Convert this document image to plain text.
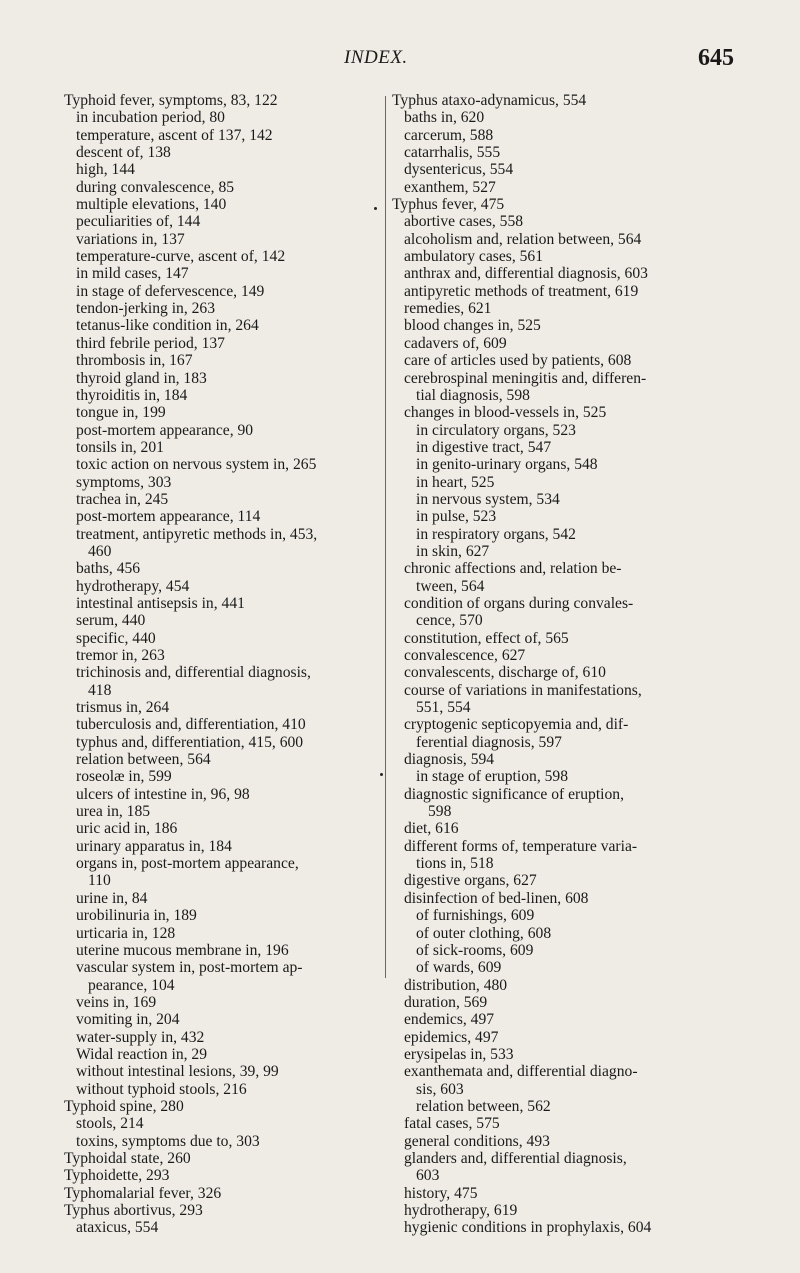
INDEX.	645
Typhoid fever, symptoms, 83, 122
in incubation period, 80
temperature, ascent of 137, 142
descent of, 138
high, 144
during convalescence, 85
multiple elevations, 140
peculiarities of, 144
variations in, 137
temperature-curve, ascent of, 142
in mild cases, 147
in stage of defervescence, 149
tendon-jerking in, 263
tetanus-like condition in, 264
third febrile period, 137
thrombosis in, 167
thyroid gland in, 183
thyroiditis in, 184
tongue in, 199
post-mortem appearance, 90
tonsils in, 201
toxic action on nervous system in, 265
symptoms, 303
trachea in, 245
post-mortem appearance, 114
treatment, antipyretic methods in, 453,
460
baths, 456
hydrotherapy, 454
intestinal antisepsis in, 441
serum, 440
specific, 440
tremor in, 263
trichinosis and, differential diagnosis,
418
trismus in, 264
tuberculosis and, differentiation, 410
typhus and, differentiation, 415, 600
relation between, 564
roseolæ in, 599
ulcers of intestine in, 96, 98
urea in, 185
uric acid in, 186
urinary apparatus in, 184
organs in, post-mortem appearance,
110
urine in, 84
urobilinuria in, 189
urticaria in, 128
uterine mucous membrane in, 196
vascular system in, post-mortem ap-
pearance, 104
veins in, 169
vomiting in, 204
water-supply in, 432
Widal reaction in, 29
without intestinal lesions, 39, 99
without typhoid stools, 216
Typhoid spine, 280
stools, 214
toxins, symptoms due to, 303
Typhoidal state, 260
Typhoidette, 293
Typhomalarial fever, 326
Typhus abortivus, 293
ataxicus, 554
Typhus ataxo-adynamicus, 554
baths in, 620
carcerum, 588
catarrhalis, 555
dysentericus, 554
exanthem, 527
Typhus fever, 475
abortive cases, 558
alcoholism and, relation between, 564
ambulatory cases, 561
anthrax and, differential diagnosis, 603
antipyretic methods of treatment, 619
remedies, 621
blood changes in, 525
cadavers of, 609
care of articles used by patients, 608
cerebrospinal meningitis and, differen-
tial diagnosis, 598
changes in blood-vessels in, 525
in circulatory organs, 523
in digestive tract, 547
in genito-urinary organs, 548
in heart, 525
in nervous system, 534
in pulse, 523
in respiratory organs, 542
in skin, 627
chronic affections and, relation be-
tween, 564
condition of organs during convales-
cence, 570
constitution, effect of, 565
convalescence, 627
convalescents, discharge of, 610
course of variations in manifestations,
551, 554
cryptogenic septicopyemia and, dif-
ferential diagnosis, 597
diagnosis, 594
in stage of eruption, 598
diagnostic significance of eruption,
598
diet, 616
different forms of, temperature varia-
tions in, 518
digestive organs, 627
disinfection of bed-linen, 608
of furnishings, 609
of outer clothing, 608
of sick-rooms, 609
of wards, 609
distribution, 480
duration, 569
endemics, 497
epidemics, 497
erysipelas in, 533
exanthemata and, differential diagno-
sis, 603
relation between, 562
fatal cases, 575
general conditions, 493
glanders and, differential diagnosis,
603
history, 475
hydrotherapy, 619
hygienic conditions in prophylaxis, 604
